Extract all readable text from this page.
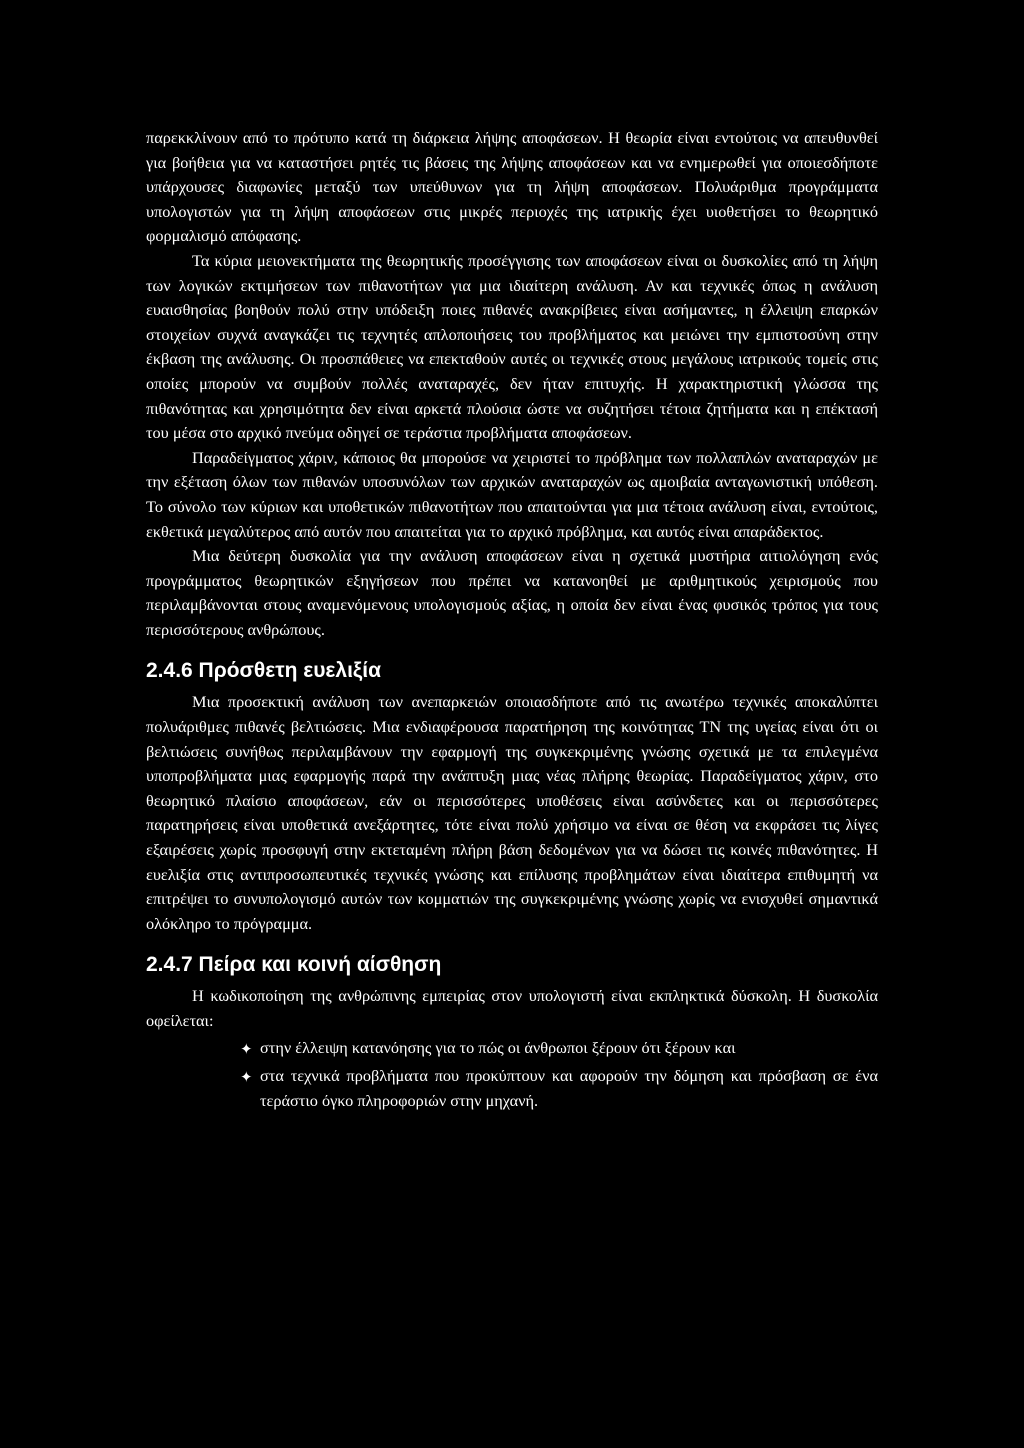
παρεκκλίνουν από το πρότυπο κατά τη διάρκεια λήψης αποφάσεων. Η θεωρία είναι εντούτοις να απευθυνθεί για βοήθεια για να καταστήσει ρητές τις βάσεις της λήψης αποφάσεων και να ενημερωθεί για οποιεσδήποτε υπάρχουσες διαφωνίες μεταξύ των υπεύθυνων για τη λήψη αποφάσεων. Πολυάριθμα προγράμματα υπολογιστών για τη λήψη αποφάσεων στις μικρές περιοχές της ιατρικής έχει υιοθετήσει το θεωρητικό φορμαλισμό απόφασης.

Τα κύρια μειονεκτήματα της θεωρητικής προσέγγισης των αποφάσεων είναι οι δυσκολίες από τη λήψη των λογικών εκτιμήσεων των πιθανοτήτων για μια ιδιαίτερη ανάλυση. Αν και τεχνικές όπως η ανάλυση ευαισθησίας βοηθούν πολύ στην υπόδειξη ποιες πιθανές ανακρίβειες είναι ασήμαντες, η έλλειψη επαρκών στοιχείων συχνά αναγκάζει τις τεχνητές απλοποιήσεις του προβλήματος και μειώνει την εμπιστοσύνη στην έκβαση της ανάλυσης. Οι προσπάθειες να επεκταθούν αυτές οι τεχνικές στους μεγάλους ιατρικούς τομείς στις οποίες μπορούν να συμβούν πολλές αναταραχές, δεν ήταν επιτυχής. Η χαρακτηριστική γλώσσα της πιθανότητας και χρησιμότητα δεν είναι αρκετά πλούσια ώστε να συζητήσει τέτοια ζητήματα και η επέκτασή του μέσα στο αρχικό πνεύμα οδηγεί σε τεράστια προβλήματα αποφάσεων.

Παραδείγματος χάριν, κάποιος θα μπορούσε να χειριστεί το πρόβλημα των πολλαπλών αναταραχών με την εξέταση όλων των πιθανών υποσυνόλων των αρχικών αναταραχών ως αμοιβαία ανταγωνιστική υπόθεση. Το σύνολο των κύριων και υποθετικών πιθανοτήτων που απαιτούνται για μια τέτοια ανάλυση είναι, εντούτοις, εκθετικά μεγαλύτερος από αυτόν που απαιτείται για το αρχικό πρόβλημα, και αυτός είναι απαράδεκτος.

Μια δεύτερη δυσκολία για την ανάλυση αποφάσεων είναι η σχετικά μυστήρια αιτιολόγηση ενός προγράμματος θεωρητικών εξηγήσεων που πρέπει να κατανοηθεί με αριθμητικούς χειρισμούς που περιλαμβάνονται στους αναμενόμενους υπολογισμούς αξίας, η οποία δεν είναι ένας φυσικός τρόπος για τους περισσότερους ανθρώπους.

2.4.6 Πρόσθετη ευελιξία

Μια προσεκτική ανάλυση των ανεπαρκειών οποιασδήποτε από τις ανωτέρω τεχνικές αποκαλύπτει πολυάριθμες πιθανές βελτιώσεις. Μια ενδιαφέρουσα παρατήρηση της κοινότητας ΤΝ της υγείας είναι ότι οι βελτιώσεις συνήθως περιλαμβάνουν την εφαρμογή της συγκεκριμένης γνώσης σχετικά με τα επιλεγμένα υποπροβλήματα μιας εφαρμογής παρά την ανάπτυξη μιας νέας πλήρης θεωρίας. Παραδείγματος χάριν, στο θεωρητικό πλαίσιο αποφάσεων, εάν οι περισσότερες υποθέσεις είναι ασύνδετες και οι περισσότερες παρατηρήσεις είναι υποθετικά ανεξάρτητες, τότε είναι πολύ χρήσιμο να είναι σε θέση να εκφράσει τις λίγες εξαιρέσεις χωρίς προσφυγή στην εκτεταμένη πλήρη βάση δεδομένων για να δώσει τις κοινές πιθανότητες. Η ευελιξία στις αντιπροσωπευτικές τεχνικές γνώσης και επίλυσης προβλημάτων είναι ιδιαίτερα επιθυμητή να επιτρέψει το συνυπολογισμό αυτών των κομματιών της συγκεκριμένης γνώσης χωρίς να ενισχυθεί σημαντικά ολόκληρο το πρόγραμμα.

2.4.7 Πείρα και κοινή αίσθηση

Η κωδικοποίηση της ανθρώπινης εμπειρίας στον υπολογιστή είναι εκπληκτικά δύσκολη. Η δυσκολία οφείλεται:

✦ στην έλλειψη κατανόησης για το πώς οι άνθρωποι ξέρουν ότι ξέρουν και
✦ στα τεχνικά προβλήματα που προκύπτουν και αφορούν την δόμηση και πρόσβαση σε ένα τεράστιο όγκο πληροφοριών στην μηχανή.
